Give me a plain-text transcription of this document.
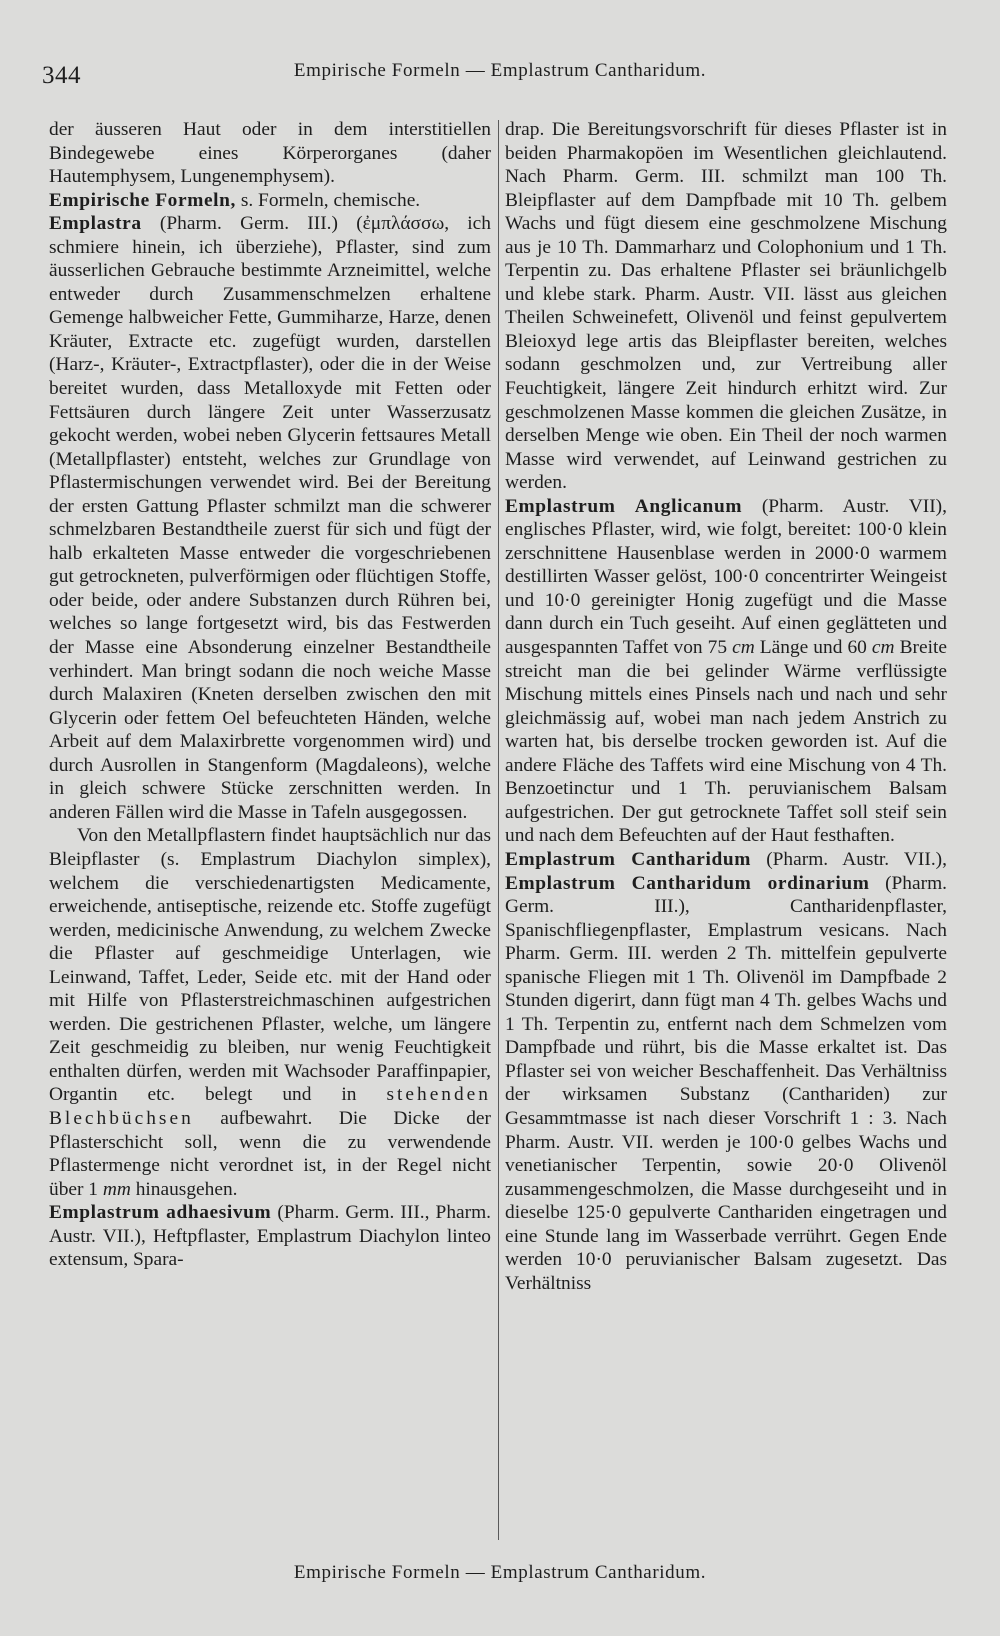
344	Empirische Formeln — Emplastrum Cantharidum.

der äusseren Haut oder in dem interstitiellen Bindegewebe eines Körperorganes (daher Hautemphysem, Lungenemphysem).

Empirische Formeln, s. Formeln, chemische.

Emplastra (Pharm. Germ. III.) (ἐμπλάσσω, ich schmiere hinein, ich überziehe), Pflaster, sind zum äusserlichen Gebrauche bestimmte Arzneimittel, welche entweder durch Zusammenschmelzen erhaltene Gemenge halbweicher Fette, Gummiharze, Harze, denen Kräuter, Extracte etc. zugefügt wurden, darstellen (Harz-, Kräuter-, Extractpflaster), oder die in der Weise bereitet wurden, dass Metalloxyde mit Fetten oder Fettsäuren durch längere Zeit unter Wasserzusatz gekocht werden, wobei neben Glycerin fettsaures Metall (Metallpflaster) entsteht, welches zur Grundlage von Pflastermischungen verwendet wird. Bei der Bereitung der ersten Gattung Pflaster schmilzt man die schwerer schmelzbaren Bestandtheile zuerst für sich und fügt der halb erkalteten Masse entweder die vorgeschriebenen gut getrockneten, pulverförmigen oder flüchtigen Stoffe, oder beide, oder andere Substanzen durch Rühren bei, welches so lange fortgesetzt wird, bis das Festwerden der Masse eine Absonderung einzelner Bestandtheile verhindert. Man bringt sodann die noch weiche Masse durch Malaxiren (Kneten derselben zwischen den mit Glycerin oder fettem Oel befeuchteten Händen, welche Arbeit auf dem Malaxirbrette vorgenommen wird) und durch Ausrollen in Stangenform (Magdaleons), welche in gleich schwere Stücke zerschnitten werden. In anderen Fällen wird die Masse in Tafeln ausgegossen.

Von den Metallpflastern findet hauptsächlich nur das Bleipflaster (s. Emplastrum Diachylon simplex), welchem die verschiedenartigsten Medicamente, erweichende, antiseptische, reizende etc. Stoffe zugefügt werden, medicinische Anwendung, zu welchem Zwecke die Pflaster auf geschmeidige Unterlagen, wie Leinwand, Taffet, Leder, Seide etc. mit der Hand oder mit Hilfe von Pflasterstreichmaschinen aufgestrichen werden. Die gestrichenen Pflaster, welche, um längere Zeit geschmeidig zu bleiben, nur wenig Feuchtigkeit enthalten dürfen, werden mit Wachsoder Paraffinpapier, Organtin etc. belegt und in stehenden Blechbüchsen aufbewahrt. Die Dicke der Pflasterschicht soll, wenn die zu verwendende Pflastermenge nicht verordnet ist, in der Regel nicht über 1 mm hinausgehen.

Emplastrum adhaesivum (Pharm. Germ. III., Pharm. Austr. VII.), Heftpflaster, Emplastrum Diachylon linteo extensum, Spara-

drap. Die Bereitungsvorschrift für dieses Pflaster ist in beiden Pharmakopöen im Wesentlichen gleichlautend. Nach Pharm. Germ. III. schmilzt man 100 Th. Bleipflaster auf dem Dampfbade mit 10 Th. gelbem Wachs und fügt diesem eine geschmolzene Mischung aus je 10 Th. Dammarharz und Colophonium und 1 Th. Terpentin zu. Das erhaltene Pflaster sei bräunlichgelb und klebe stark. Pharm. Austr. VII. lässt aus gleichen Theilen Schweinefett, Olivenöl und feinst gepulvertem Bleioxyd lege artis das Bleipflaster bereiten, welches sodann geschmolzen und, zur Vertreibung aller Feuchtigkeit, längere Zeit hindurch erhitzt wird. Zur geschmolzenen Masse kommen die gleichen Zusätze, in derselben Menge wie oben. Ein Theil der noch warmen Masse wird verwendet, auf Leinwand gestrichen zu werden.

Emplastrum Anglicanum (Pharm. Austr. VII), englisches Pflaster, wird, wie folgt, bereitet: 100·0 klein zerschnittene Hausenblase werden in 2000·0 warmem destillirten Wasser gelöst, 100·0 concentrirter Weingeist und 10·0 gereinigter Honig zugefügt und die Masse dann durch ein Tuch geseiht. Auf einen geglätteten und ausgespannten Taffet von 75 cm Länge und 60 cm Breite streicht man die bei gelinder Wärme verflüssigte Mischung mittels eines Pinsels nach und nach und sehr gleichmässig auf, wobei man nach jedem Anstrich zu warten hat, bis derselbe trocken geworden ist. Auf die andere Fläche des Taffets wird eine Mischung von 4 Th. Benzoetinctur und 1 Th. peruvianischem Balsam aufgestrichen. Der gut getrocknete Taffet soll steif sein und nach dem Befeuchten auf der Haut festhaften.

Emplastrum Cantharidum (Pharm. Austr. VII.), Emplastrum Cantharidum ordinarium (Pharm. Germ. III.), Cantharidenpflaster, Spanischfliegenpflaster, Emplastrum vesicans. Nach Pharm. Germ. III. werden 2 Th. mittelfein gepulverte spanische Fliegen mit 1 Th. Olivenöl im Dampfbade 2 Stunden digerirt, dann fügt man 4 Th. gelbes Wachs und 1 Th. Terpentin zu, entfernt nach dem Schmelzen vom Dampfbade und rührt, bis die Masse erkaltet ist. Das Pflaster sei von weicher Beschaffenheit. Das Verhältniss der wirksamen Substanz (Canthariden) zur Gesammtmasse ist nach dieser Vorschrift 1 : 3. Nach Pharm. Austr. VII. werden je 100·0 gelbes Wachs und venetianischer Terpentin, sowie 20·0 Olivenöl zusammengeschmolzen, die Masse durchgeseiht und in dieselbe 125·0 gepulverte Canthariden eingetragen und eine Stunde lang im Wasserbade verrührt. Gegen Ende werden 10·0 peruvianischer Balsam zugesetzt. Das Verhältniss

Empirische Formeln — Emplastrum Cantharidum.
